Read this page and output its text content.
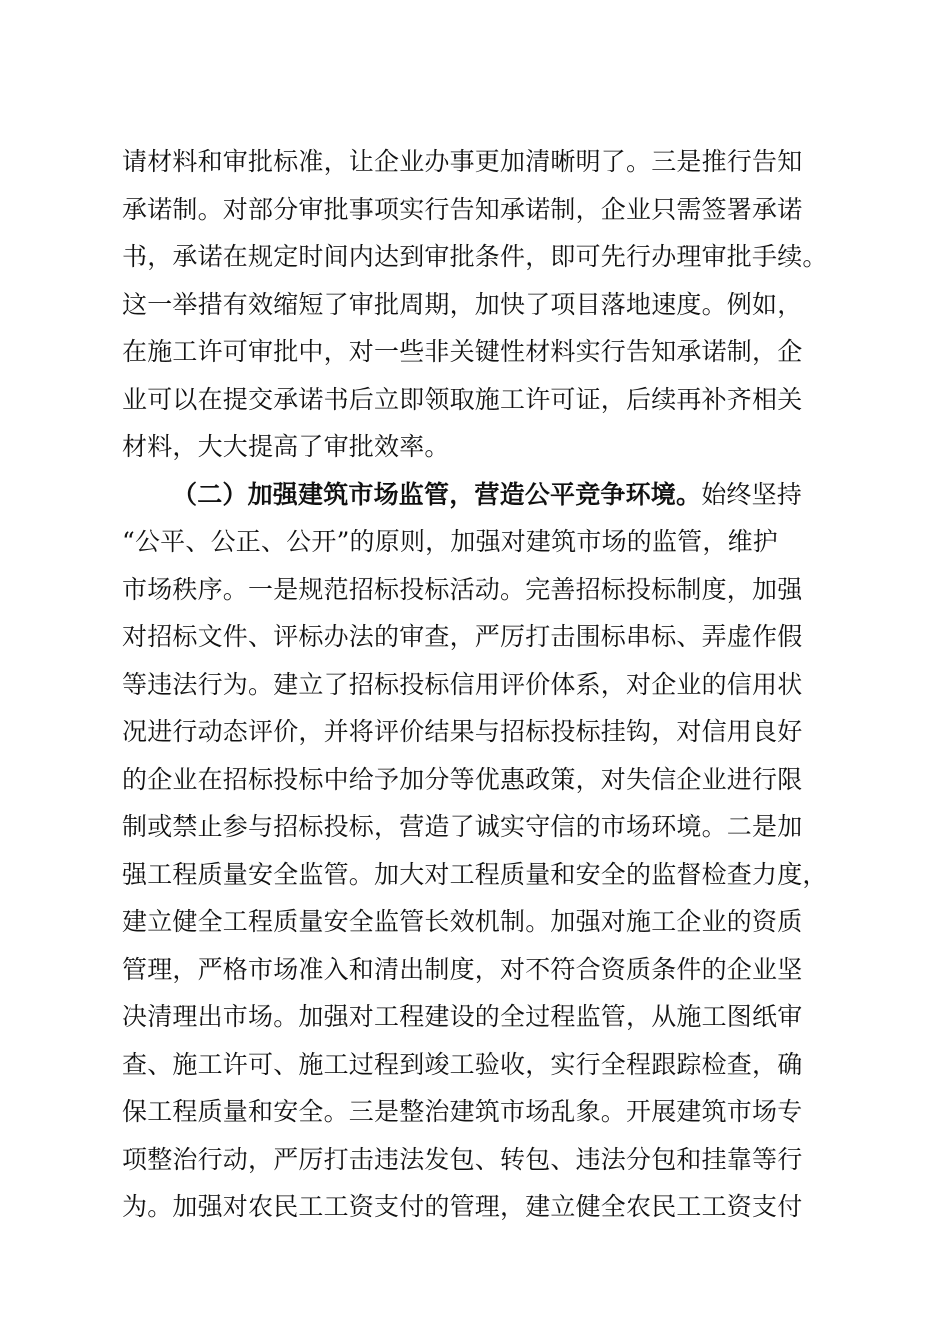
请材料和审批标准，让企业办事更加清晰明了。三是推行告知
承诺制。对部分审批事项实行告知承诺制，企业只需签署承诺
书，承诺在规定时间内达到审批条件，即可先行办理审批手续。
这一举措有效缩短了审批周期，加快了项目落地速度。例如，
在施工许可审批中，对一些非关键性材料实行告知承诺制，企
业可以在提交承诺书后立即领取施工许可证，后续再补齐相关
材料，大大提高了审批效率。
（二）加强建筑市场监管，营造公平竞争环境。始终坚持
“公平、公正、公开”的原则，加强对建筑市场的监管，维护
市场秩序。一是规范招标投标活动。完善招标投标制度，加强
对招标文件、评标办法的审查，严厉打击围标串标、弄虚作假
等违法行为。建立了招标投标信用评价体系，对企业的信用状
况进行动态评价，并将评价结果与招标投标挂钩，对信用良好
的企业在招标投标中给予加分等优惠政策，对失信企业进行限
制或禁止参与招标投标，营造了诚实守信的市场环境。二是加
强工程质量安全监管。加大对工程质量和安全的监督检查力度，
建立健全工程质量安全监管长效机制。加强对施工企业的资质
管理，严格市场准入和清出制度，对不符合资质条件的企业坚
决清理出市场。加强对工程建设的全过程监管，从施工图纸审
查、施工许可、施工过程到竣工验收，实行全程跟踪检查，确
保工程质量和安全。三是整治建筑市场乱象。开展建筑市场专
项整治行动，严厉打击违法发包、转包、违法分包和挂靠等行
为。加强对农民工工资支付的管理，建立健全农民工工资支付
